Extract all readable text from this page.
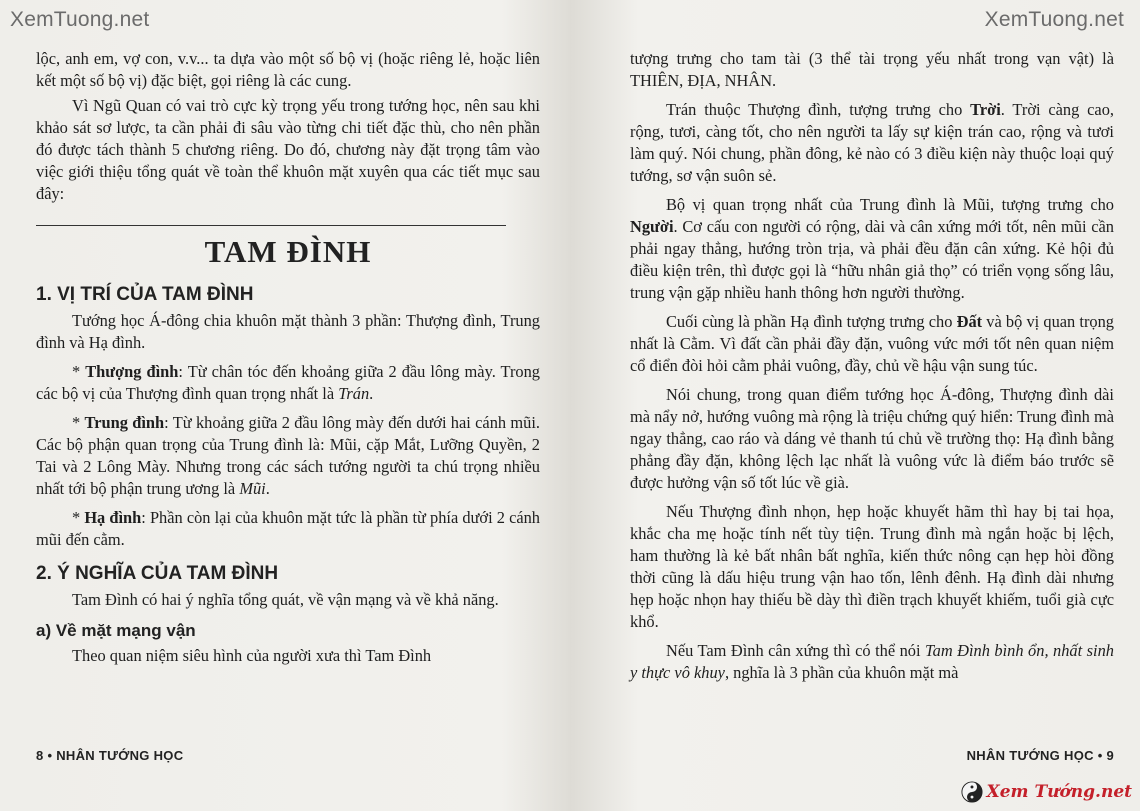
XemTuong.net

lộc, anh em, vợ con, v.v... ta dựa vào một số bộ vị (hoặc riêng lẻ, hoặc liên kết một số bộ vị) đặc biệt, gọi riêng là các cung.

Vì Ngũ Quan có vai trò cực kỳ trọng yếu trong tướng học, nên sau khi khảo sát sơ lược, ta cần phải đi sâu vào từng chi tiết đặc thù, cho nên phần đó được tách thành 5 chương riêng. Do đó, chương này đặt trọng tâm vào việc giới thiệu tổng quát về toàn thể khuôn mặt xuyên qua các tiết mục sau đây:

TAM ĐÌNH
1. VỊ TRÍ CỦA TAM ĐÌNH

Tướng học Á-đông chia khuôn mặt thành 3 phần: Thượng đình, Trung đình và Hạ đình.

* Thượng đình: Từ chân tóc đến khoảng giữa 2 đầu lông mày. Trong các bộ vị của Thượng đình quan trọng nhất là Trán.

* Trung đình: Từ khoảng giữa 2 đầu lông mày đến dưới hai cánh mũi. Các bộ phận quan trọng của Trung đình là: Mũi, cặp Mắt, Lưỡng Quyền, 2 Tai và 2 Lông Mày. Nhưng trong các sách tướng người ta chú trọng nhiều nhất tới bộ phận trung ương là Mũi.

* Hạ đình: Phần còn lại của khuôn mặt tức là phần từ phía dưới 2 cánh mũi đến cằm.

2. Ý NGHĨA CỦA TAM ĐÌNH

Tam Đình có hai ý nghĩa tổng quát, về vận mạng và về khả năng.

a) Về mặt mạng vận

Theo quan niệm siêu hình của người xưa thì Tam Đình

8 • NHÂN TƯỚNG HỌC
XemTuong.net

tượng trưng cho tam tài (3 thể tài trọng yếu nhất trong vạn vật) là THIÊN, ĐỊA, NHÂN.

Trán thuộc Thượng đình, tượng trưng cho Trời. Trời càng cao, rộng, tươi, càng tốt, cho nên người ta lấy sự kiện trán cao, rộng và tươi làm quý. Nói chung, phần đông, kẻ nào có 3 điều kiện này thuộc loại quý tướng, sơ vận suôn sẻ.

Bộ vị quan trọng nhất của Trung đình là Mũi, tượng trưng cho Người. Cơ cấu con người có rộng, dài và cân xứng mới tốt, nên mũi cần phải ngay thẳng, hướng tròn trịa, và phải đều đặn cân xứng. Kẻ hội đủ điều kiện trên, thì được gọi là “hữu nhân giả thọ” có triển vọng sống lâu, trung vận gặp nhiều hanh thông hơn người thường.

Cuối cùng là phần Hạ đình tượng trưng cho Đất và bộ vị quan trọng nhất là Cằm. Vì đất cần phải đầy đặn, vuông vức mới tốt nên quan niệm cổ điển đòi hỏi cằm phải vuông, đầy, chủ về hậu vận sung túc.

Nói chung, trong quan điểm tướng học Á-đông, Thượng đình dài mà nẩy nở, hướng vuông mà rộng là triệu chứng quý hiển: Trung đình mà ngay thẳng, cao ráo và dáng vẻ thanh tú chủ về trường thọ: Hạ đình bằng phẳng đầy đặn, không lệch lạc nhất là vuông vức là điểm báo trước sẽ được hưởng vận số tốt lúc về già.

Nếu Thượng đình nhọn, hẹp hoặc khuyết hãm thì hay bị tai họa, khắc cha mẹ hoặc tính nết tùy tiện. Trung đình mà ngắn hoặc bị lệch, ham thường là kẻ bất nhân bất nghĩa, kiến thức nông cạn hẹp hòi đồng thời cũng là dấu hiệu trung vận hao tốn, lênh đênh. Hạ đình dài nhưng hẹp hoặc nhọn hay thiếu bề dày thì điền trạch khuyết khiếm, tuổi già cực khổ.

Nếu Tam Đình cân xứng thì có thể nói Tam Đình bình ổn, nhất sinh y thực vô khuy, nghĩa là 3 phần của khuôn mặt mà

NHÂN TƯỚNG HỌC • 9
Xem Tướng.net
